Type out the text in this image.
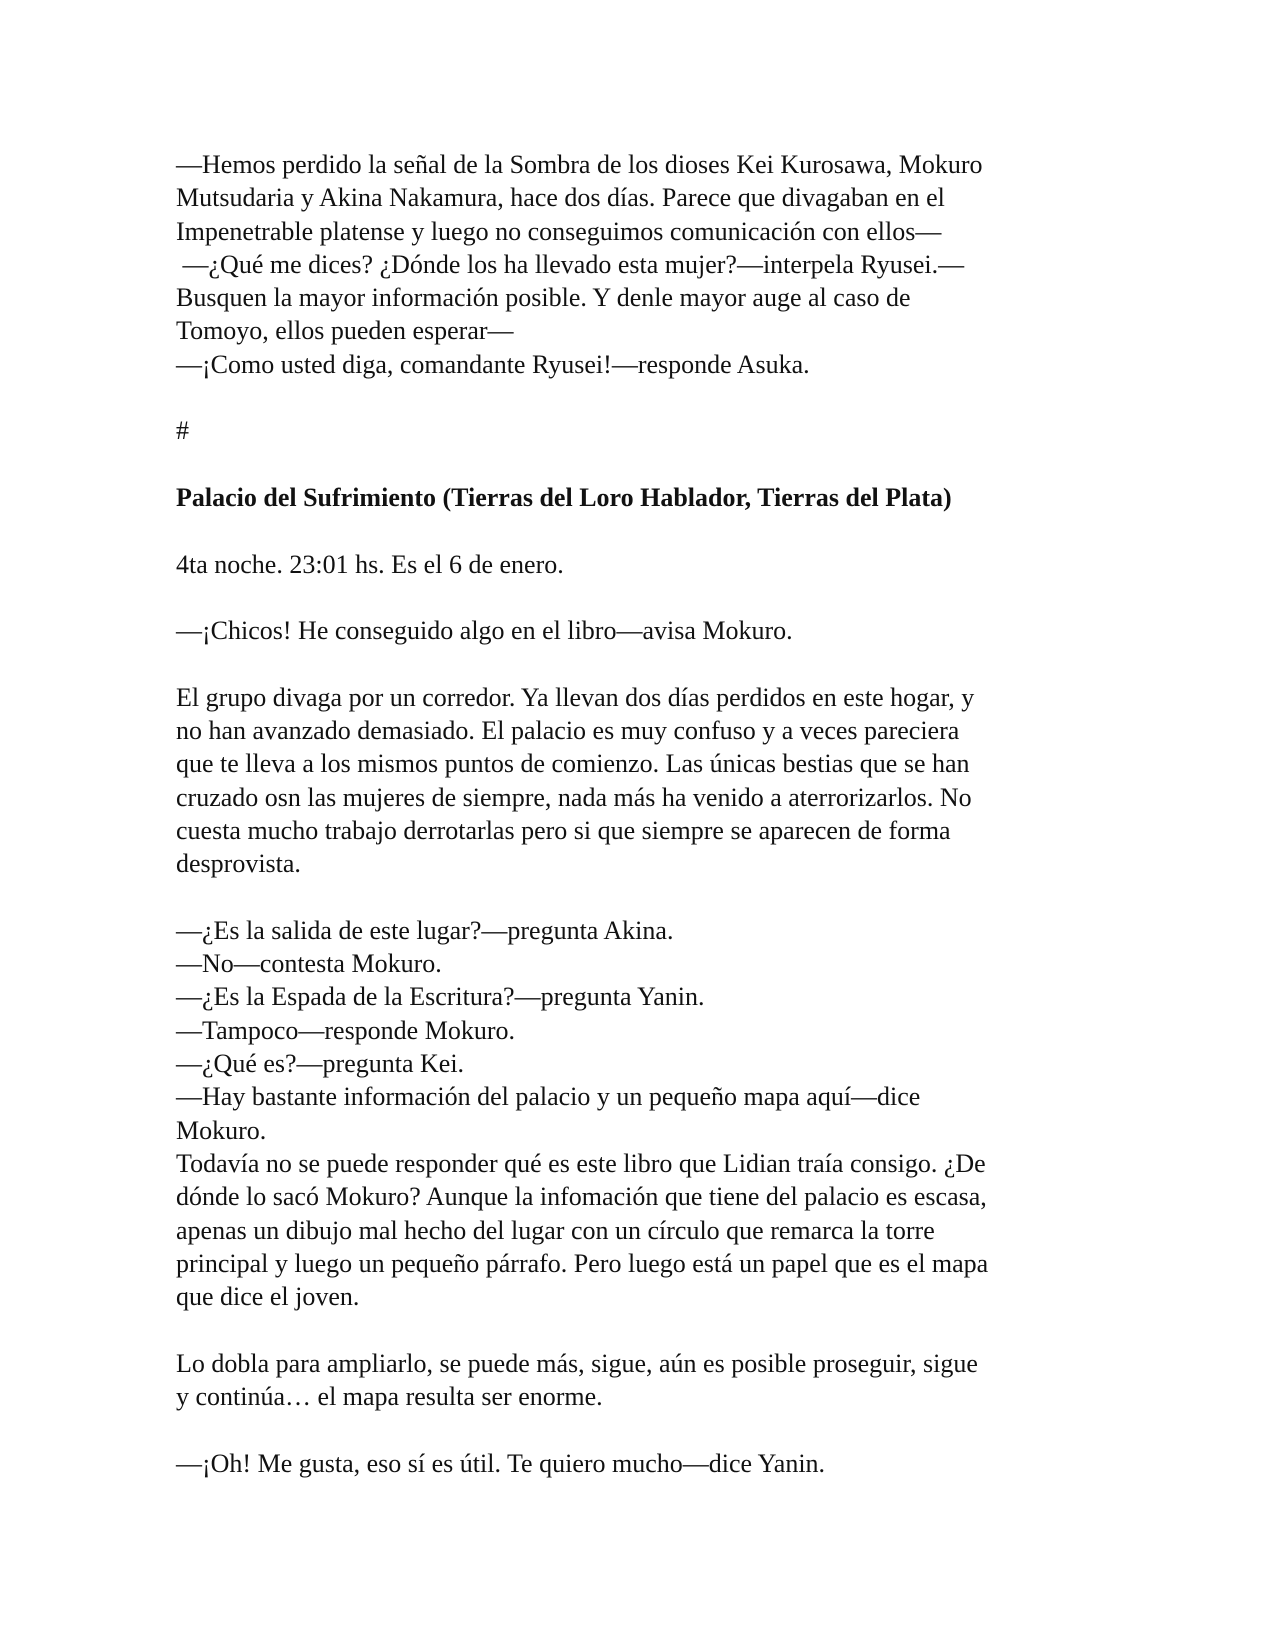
—Hemos perdido la señal de la Sombra de los dioses Kei Kurosawa, Mokuro

Mutsudaria y Akina Nakamura, hace dos días. Parece que divagaban en el

Impenetrable platense y luego no conseguimos comunicación con ellos—

—¿Qué me dices? ¿Dónde los ha llevado esta mujer?—interpela Ryusei.—

Busquen la mayor información posible. Y denle mayor auge al caso de

Tomoyo, ellos pueden esperar—

—¡Como usted diga, comandante Ryusei!—responde Asuka.

#

Palacio del Sufrimiento (Tierras del Loro Hablador, Tierras del Plata)

4ta noche. 23:01 hs. Es el 6 de enero.

—¡Chicos! He conseguido algo en el libro—avisa Mokuro.

El grupo divaga por un corredor. Ya llevan dos días perdidos en este hogar, y

no han avanzado demasiado. El palacio es muy confuso y a veces pareciera

que te lleva a los mismos puntos de comienzo. Las únicas bestias que se han

cruzado osn las mujeres de siempre, nada más ha venido a aterrorizarlos. No

cuesta mucho trabajo derrotarlas pero si que siempre se aparecen de forma

desprovista.

—¿Es la salida de este lugar?—pregunta Akina.

—No—contesta Mokuro.

—¿Es la Espada de la Escritura?—pregunta Yanin.

—Tampoco—responde Mokuro.

—¿Qué es?—pregunta Kei.

—Hay bastante información del palacio y un pequeño mapa aquí—dice

Mokuro.

Todavía no se puede responder qué es este libro que Lidian traía consigo. ¿De

dónde lo sacó Mokuro? Aunque la infomación que tiene del palacio es escasa,

apenas un dibujo mal hecho del lugar con un círculo que remarca la torre

principal y luego un pequeño párrafo. Pero luego está un papel que es el mapa

que dice el joven.

Lo dobla para ampliarlo, se puede más, sigue, aún es posible proseguir, sigue

y continúa… el mapa resulta ser enorme.

—¡Oh! Me gusta, eso sí es útil. Te quiero mucho—dice Yanin.
